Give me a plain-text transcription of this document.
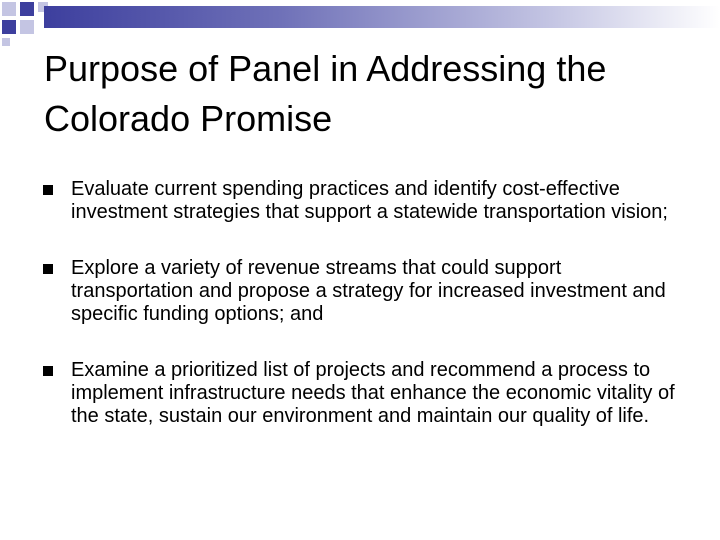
Purpose of Panel in Addressing the Colorado Promise
Evaluate current spending practices and identify cost-effective investment strategies that support a statewide transportation vision;
Explore a variety of revenue streams that could support transportation and propose a strategy for increased investment and specific funding options; and
Examine a prioritized list of projects and recommend a process to implement infrastructure needs that enhance the economic vitality of the state, sustain our environment and maintain our quality of life.
